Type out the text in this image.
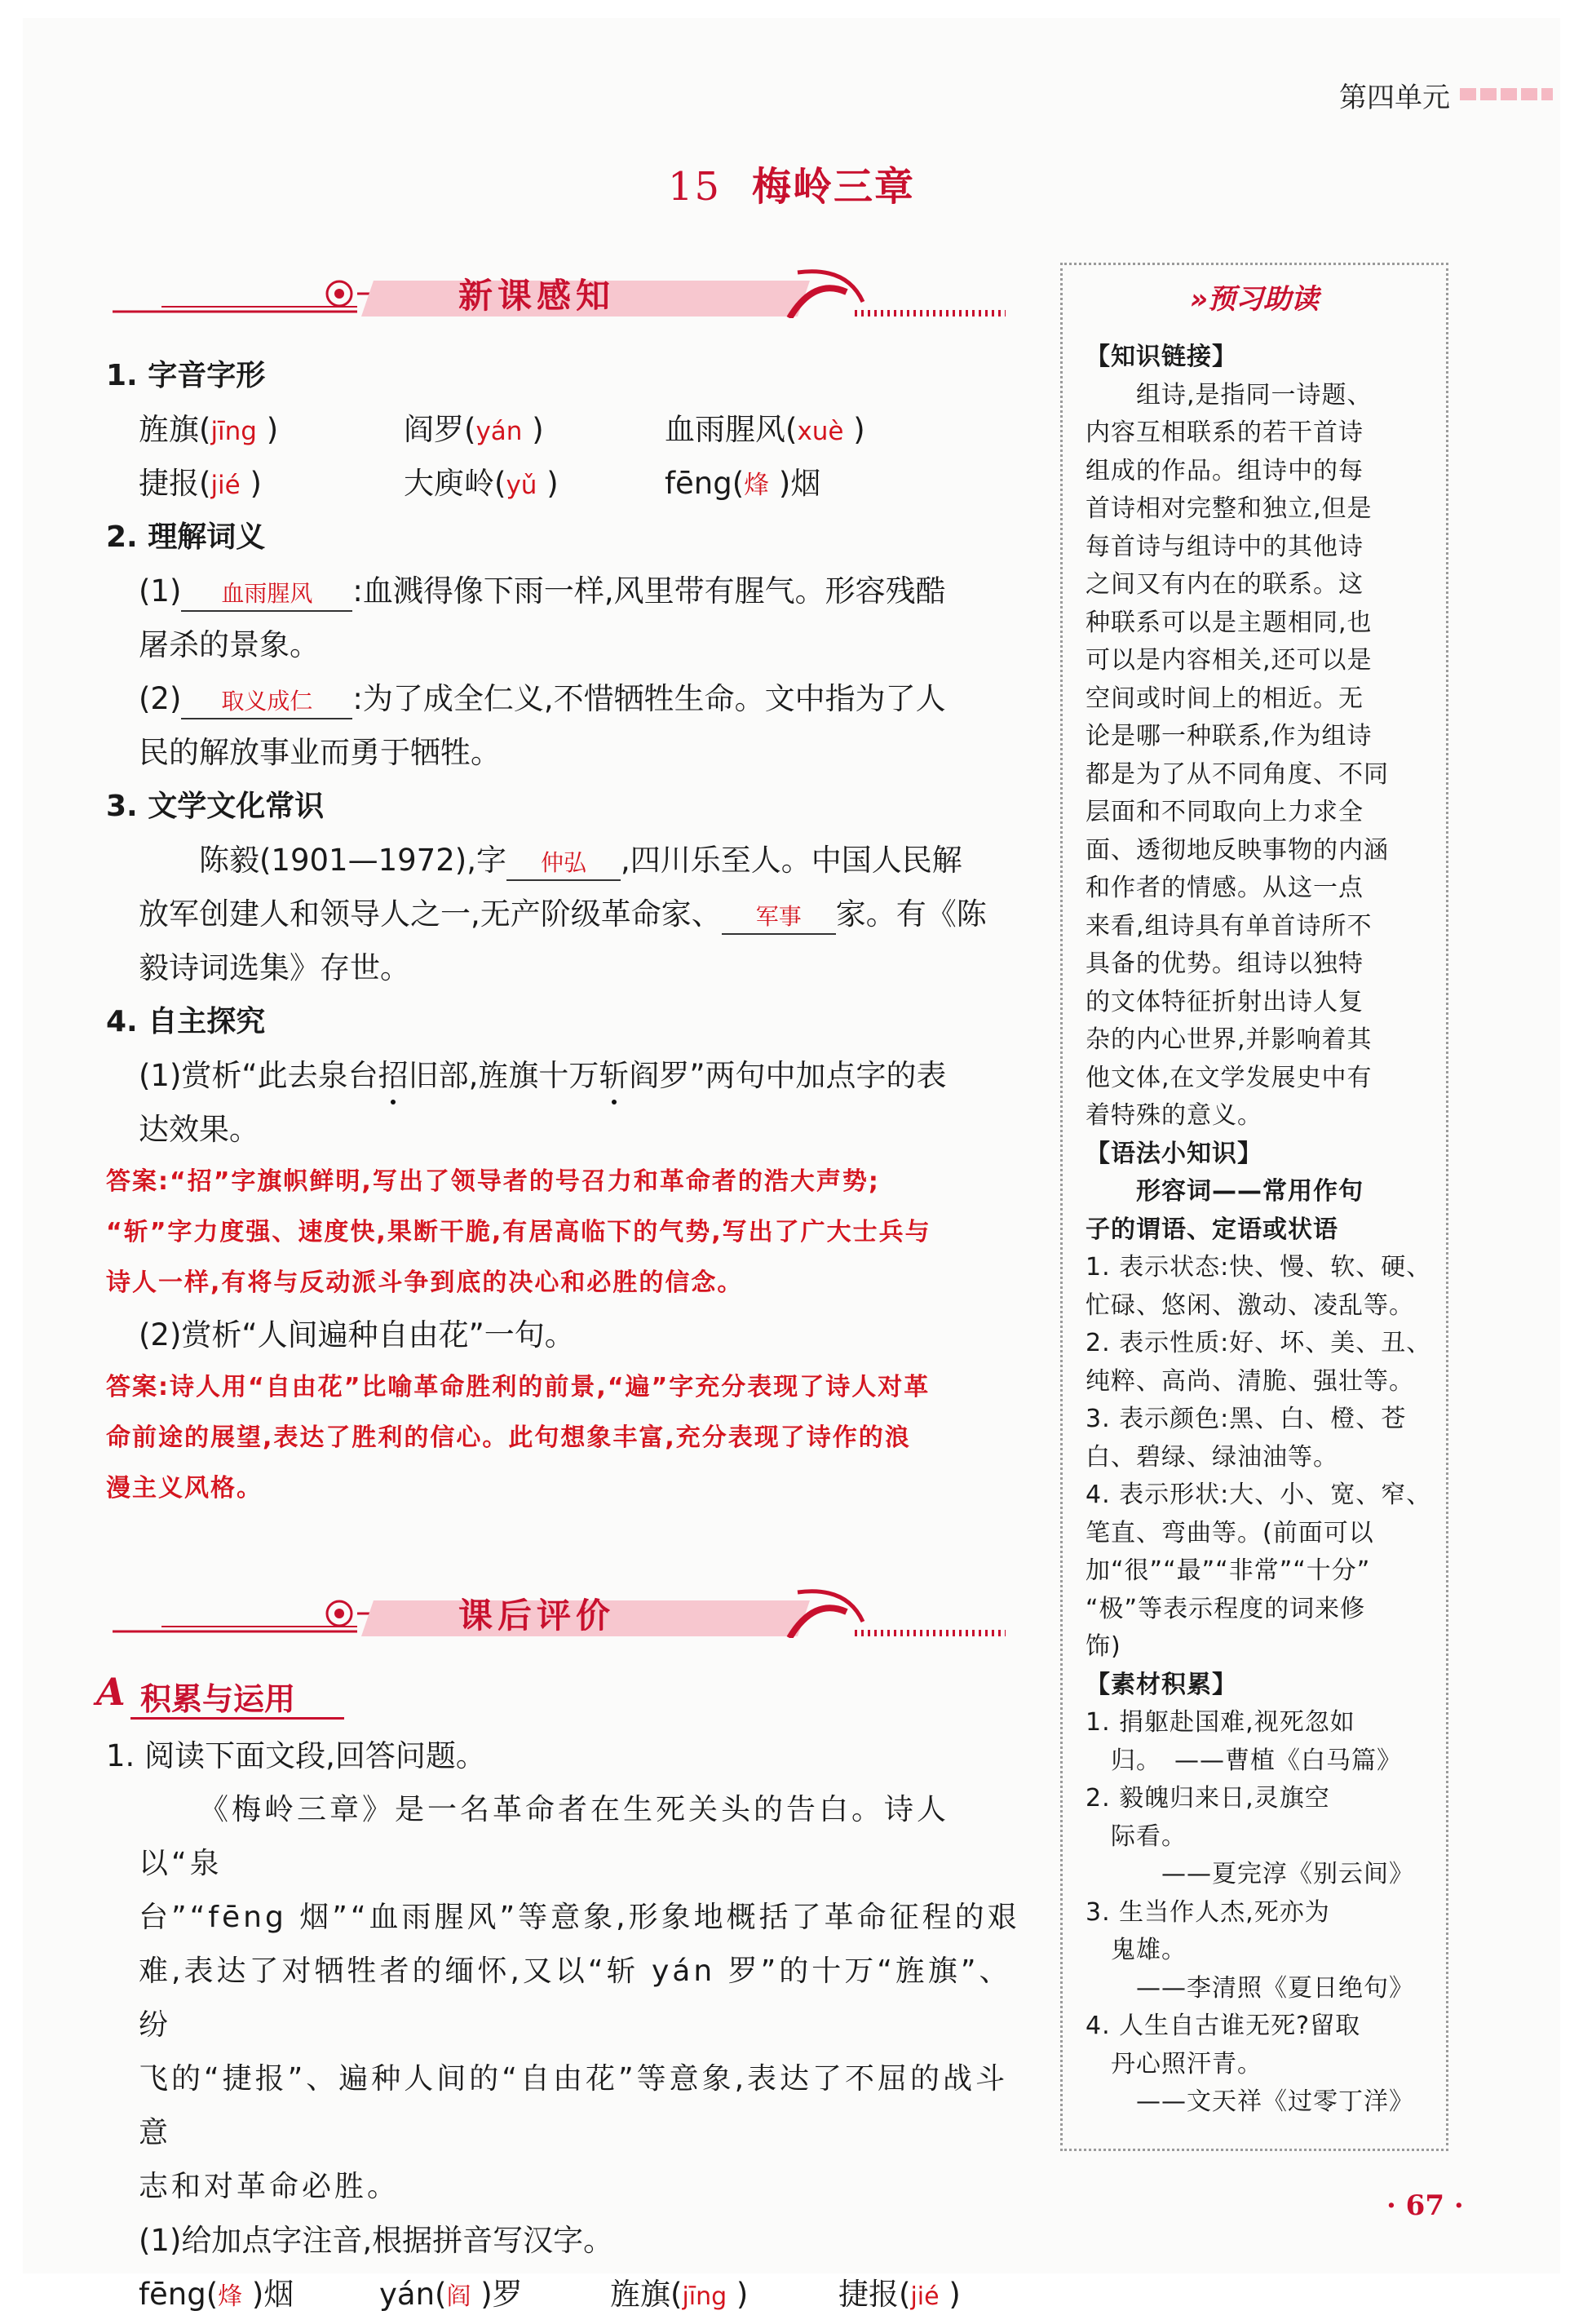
第四单元
15 梅岭三章
新课感知
1. 字音字形
旌旗(jīng )	阎罗(yán )	血雨腥风(xuè )
捷报(jié )	大庾岭(yǔ )	fēng(烽 )烟
2. 理解词义
(1) 血雨腥风 :血溅得像下雨一样,风里带有腥气。形容残酷
屠杀的景象。
(2) 取义成仁 :为了成全仁义,不惜牺牲生命。文中指为了人
民的解放事业而勇于牺牲。
3. 文学文化常识
陈毅(1901—1972),字 仲弘 ,四川乐至人。中国人民解
放军创建人和领导人之一,无产阶级革命家、 军事 家。有《陈
毅诗词选集》存世。
4. 自主探究
(1)赏析“此去泉台招旧部,旌旗十万斩阎罗”两句中加点字的表
达效果。
答案:“招”字旗帜鲜明,写出了领导者的号召力和革命者的浩大声势;
“斩”字力度强、速度快,果断干脆,有居高临下的气势,写出了广大士兵与
诗人一样,有将与反动派斗争到底的决心和必胜的信念。
(2)赏析“人间遍种自由花”一句。
答案:诗人用“自由花”比喻革命胜利的前景,“遍”字充分表现了诗人对革
命前途的展望,表达了胜利的信心。此句想象丰富,充分表现了诗作的浪
漫主义风格。
课后评价
A 积累与运用
1. 阅读下面文段,回答问题。
《梅岭三章》是一名革命者在生死关头的告白。诗人以“泉
台”“fēng 烟”“血雨腥风”等意象,形象地概括了革命征程的艰
难,表达了对牺牲者的缅怀,又以“斩 yán 罗”的十万“旌旗”、纷
飞的“捷报”、遍种人间的“自由花”等意象,表达了不屈的战斗意
志和对革命必胜。
(1)给加点字注音,根据拼音写汉字。
fēng(烽 )烟	yán(阎 )罗	旌旗(jīng )	捷报(jié )
»预习助读
【知识链接】
　　组诗,是指同一诗题、
内容互相联系的若干首诗
组成的作品。组诗中的每
首诗相对完整和独立,但是
每首诗与组诗中的其他诗
之间又有内在的联系。这
种联系可以是主题相同,也
可以是内容相关,还可以是
空间或时间上的相近。无
论是哪一种联系,作为组诗
都是为了从不同角度、不同
层面和不同取向上力求全
面、透彻地反映事物的内涵
和作者的情感。从这一点
来看,组诗具有单首诗所不
具备的优势。组诗以独特
的文体特征折射出诗人复
杂的内心世界,并影响着其
他文体,在文学发展史中有
着特殊的意义。
【语法小知识】
　　形容词——常用作句
子的谓语、定语或状语
1. 表示状态:快、慢、软、硬、
忙碌、悠闲、激动、凌乱等。
2. 表示性质:好、坏、美、丑、
纯粹、高尚、清脆、强壮等。
3. 表示颜色:黑、白、橙、苍
白、碧绿、绿油油等。
4. 表示形状:大、小、宽、窄、
笔直、弯曲等。(前面可以
加“很”“最”“非常”“十分”
“极”等表示程度的词来修
饰)
【素材积累】
1. 捐躯赴国难,视死忽如
　归。　——曹植《白马篇》
2. 毅魄归来日,灵旗空
　际看。
　　　——夏完淳《别云间》
3. 生当作人杰,死亦为
　鬼雄。
　　——李清照《夏日绝句》
4. 人生自古谁无死?留取
　丹心照汗青。
　　——文天祥《过零丁洋》
· 67 ·
